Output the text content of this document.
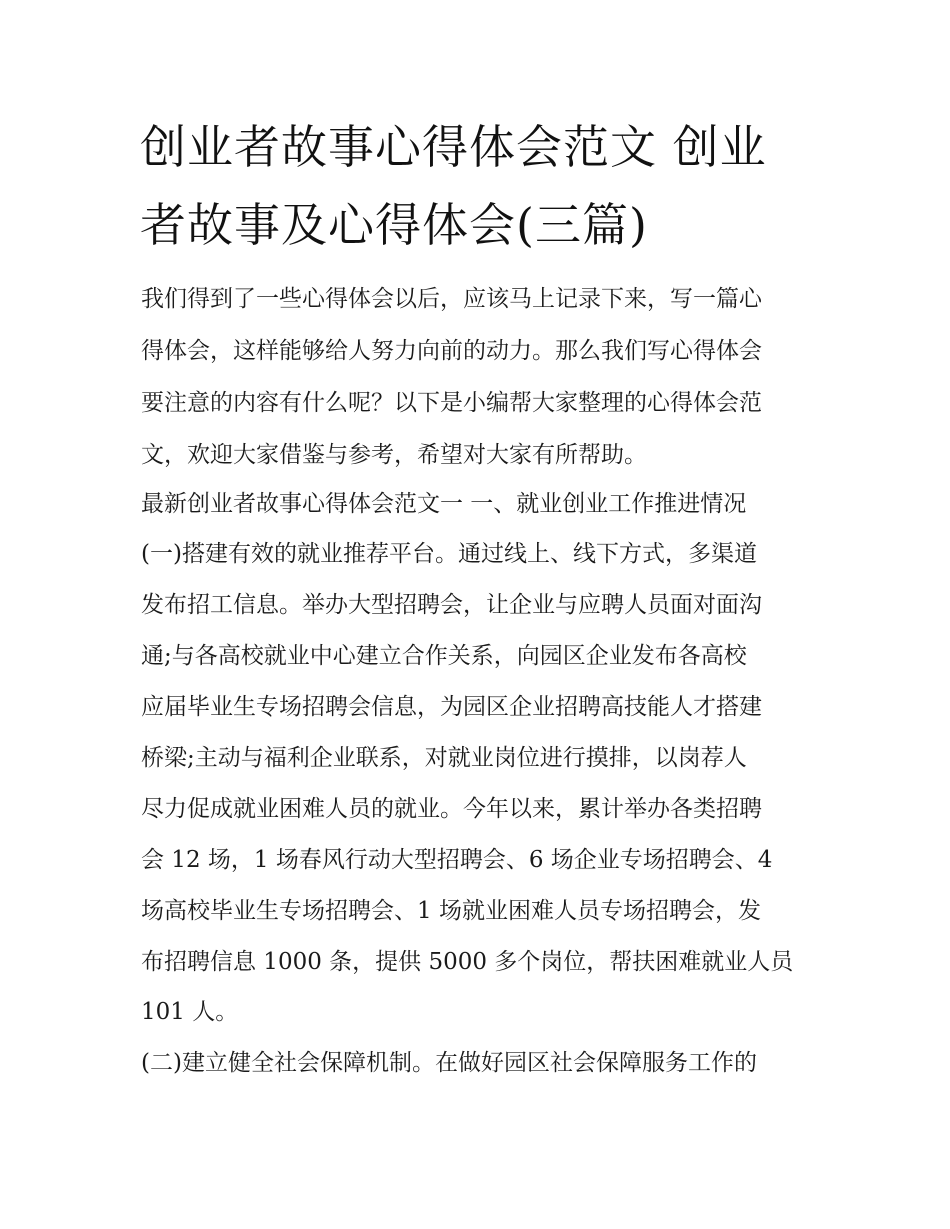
创业者故事心得体会范文 创业
者故事及心得体会(三篇)

我们得到了一些心得体会以后，应该马上记录下来，写一篇心

得体会，这样能够给人努力向前的动力。那么我们写心得体会

要注意的内容有什么呢？以下是小编帮大家整理的心得体会范

文，欢迎大家借鉴与参考，希望对大家有所帮助。

最新创业者故事心得体会范文一 一、就业创业工作推进情况

(一)搭建有效的就业推荐平台。通过线上、线下方式，多渠道

发布招工信息。举办大型招聘会，让企业与应聘人员面对面沟

通;与各高校就业中心建立合作关系，向园区企业发布各高校

应届毕业生专场招聘会信息，为园区企业招聘高技能人才搭建

桥梁;主动与福利企业联系，对就业岗位进行摸排，以岗荐人

尽力促成就业困难人员的就业。今年以来，累计举办各类招聘

会 12 场，1 场春风行动大型招聘会、6 场企业专场招聘会、4

场高校毕业生专场招聘会、1 场就业困难人员专场招聘会，发

布招聘信息 1000 条，提供 5000 多个岗位，帮扶困难就业人员

101 人。

(二)建立健全社会保障机制。在做好园区社会保障服务工作的
